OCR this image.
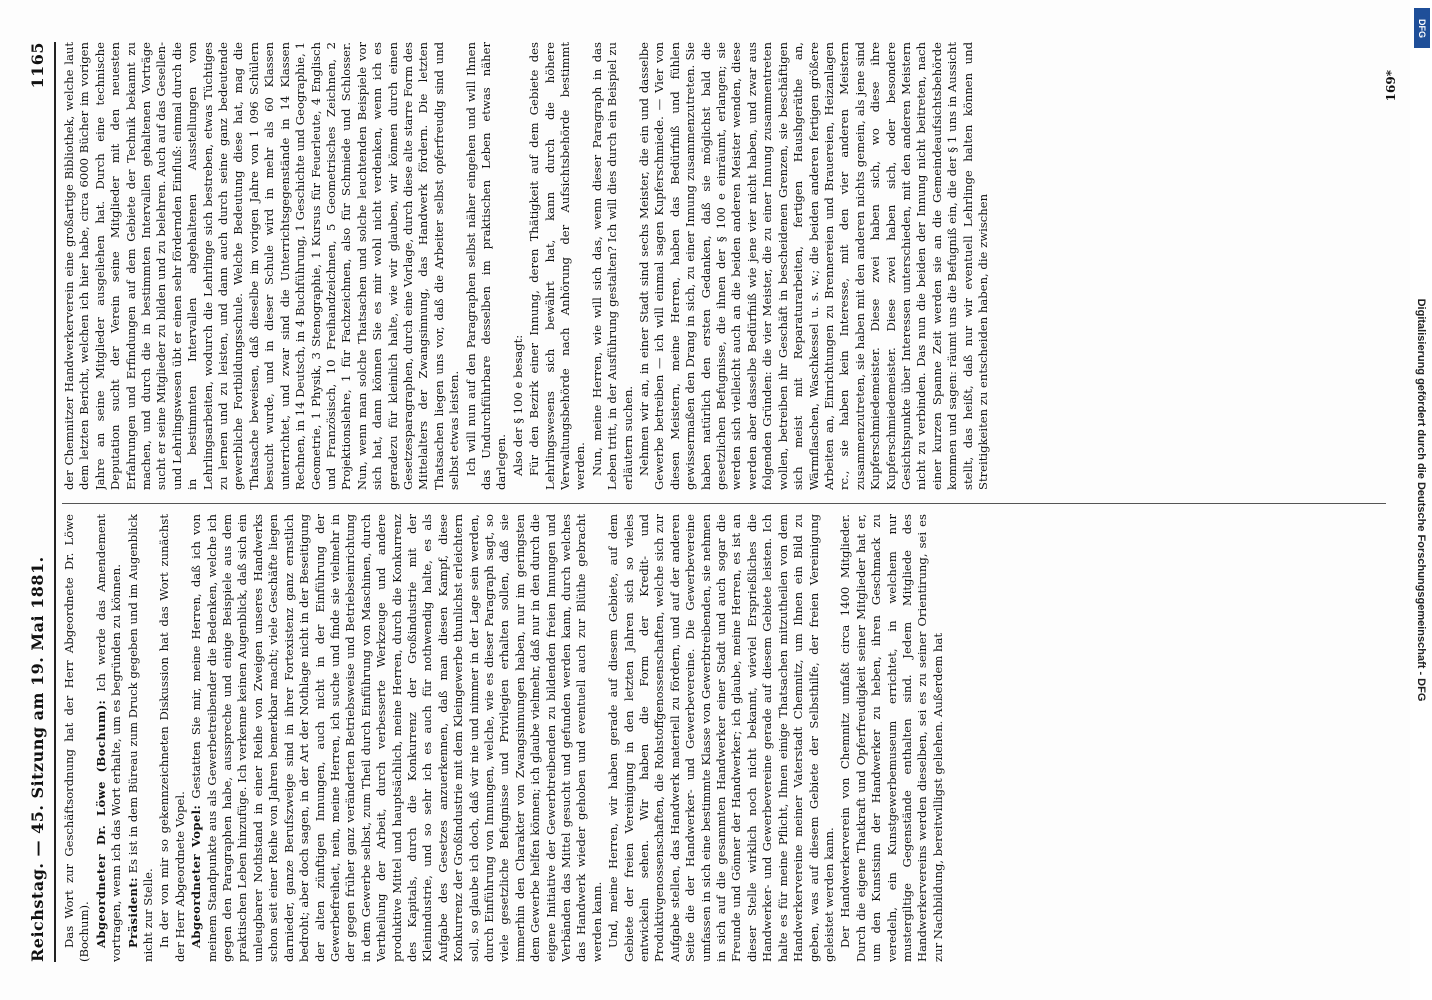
Reichstag. — 45. Sitzung am 19. Mai 1881.
1165

Das Wort zur Geschäftsordnung hat der Herr Abgeordnete Dr. Löwe (Bochum). Abgeordneter Dr. Löwe (Bochum): Ich werde das Amendement vortragen, wenn ich das Wort erhalte, um es begründen zu können. Präsident: Es ist in dem Büreau zum Druck gegeben und im Augenblick nicht zur Stelle. In der von mir so gekennzeichneten Diskussion hat das Wort zunächst der Herr Abgeordnete Vopel. Abgeordneter Vopel: Gestatten Sie mir, meine Herren, daß ich von meinem Standpunkte aus als Gewerbetreibender die Bedenken, welche ich gegen den Paragraphen habe, ausspreche und einige Beispiele aus dem praktischen Leben hinzufüge. Ich verkenne keinen Augenblick, daß sich ein unleugbarer Nothstand in einer Reihe von Zweigen unseres Handwerks schon seit einer Reihe von Jahren bemerkbar macht; viele Geschäfte liegen darnieder, ganze Berufszweige sind in ihrer Fortexistenz ganz ernstlich bedroht; aber doch sagen, in der Art der Nothlage nicht in der Beseitigung der alten zünftigen Innungen, auch nicht in der Einführung der Gewerbefreiheit, nein, meine Herren, ich suche und finde sie vielmehr in der gegen früher ganz veränderten Betriebsweise und Betriebseinrichtung in dem Gewerbe selbst, zum Theil durch Einführung von Maschinen, durch Vertheilung der Arbeit, durch verbesserte Werkzeuge und andere produktive Mittel und hauptsächlich, meine Herren, durch die Konkurrenz des Kapitals, durch die Konkurrenz der Großindustrie mit der Kleinindustrie, und so sehr ich es auch für nothwendig halte, es als Aufgabe des Gesetzes anzuerkennen, daß man diesen Kampf, diese Konkurrenz der Großindustrie mit dem Kleingewerbe thunlichst erleichtern soll, so glaube ich doch, daß wir nie und nimmer in der Lage sein werden, durch Einführung von Innungen, welche, wie es dieser Paragraph sagt, so viele gesetzliche Befugnisse und Privilegien erhalten sollen, daß sie immerhin den Charakter von Zwangsinnungen haben, nur im geringsten dem Gewerbe helfen können; ich glaube vielmehr, daß nur in den durch die eigene Initiative der Gewerbtreibenden zu bildenden freien Innungen und Verbänden das Mittel gesucht und gefunden werden kann, durch welches das Handwerk wieder gehoben und eventuell auch zur Blüthe gebracht werden kann. Und, meine Herren, wir haben gerade auf diesem Gebiete, auf dem Gebiete der freien Vereinigung in den letzten Jahren sich so vieles entwickeln sehen. Wir haben die Form der Kredit- und Produktivgenossenschaften, die Rohstoffgenossenschaften, welche sich zur Aufgabe stellen, das Handwerk materiell zu fördern, und auf der anderen Seite die der Handwerker- und Gewerbevereine. Die Gewerbevereine umfassen in sich eine bestimmte Klasse von Gewerbtreibenden, sie nehmen in sich auf die gesammten Handwerker einer Stadt und auch sogar die Freunde und Gönner der Handwerker; ich glaube, meine Herren, es ist an dieser Stelle wirklich noch nicht bekannt, wieviel Ersprießliches die Handwerker- und Gewerbevereine gerade auf diesem Gebiete leisten. Ich halte es für meine Pflicht, Ihnen einige Thatsachen mitzutheilen von dem Handwerkervereine meiner Vaterstadt Chemnitz, um Ihnen ein Bild zu geben, was auf diesem Gebiete der Selbsthilfe, der freien Vereinigung geleistet werden kann. Der Handwerkerverein von Chemnitz umfaßt circa 1400 Mitglieder. Durch die eigene Thatkraft und Opferfreudigkeit seiner Mitglieder hat er, um den Kunstsinn der Handwerker zu heben, ihren Geschmack zu veredeln, ein Kunstgewerbemuseum errichtet, in welchem nur mustergiltige Gegenstände enthalten sind. Jedem Mitgliede des Handwerkervereins werden dieselben, sei es zu seiner Orientirung, sei es zur Nachbildung, bereitwilligst geliehen. Außerdem hat

der Chemnitzer Handwerkerverein eine großartige Bibliothek, welche laut dem letzten Bericht, welchen ich hier habe, circa 6000 Bücher im vorigen Jahre an seine Mitglieder ausgeliehen hat. Durch eine technische Deputation sucht der Verein seine Mitglieder mit den neuesten Erfahrungen und Erfindungen auf dem Gebiete der Technik bekannt zu machen, und durch die in bestimmten Intervallen gehaltenen Vorträge sucht er seine Mitglieder zu bilden und zu belehren. Auch auf das Gesellen- und Lehrlingswesen übt er einen sehr fördernden Einfluß: einmal durch die in bestimmten Intervallen abgehaltenen Ausstellungen von Lehrlingsarbeiten, wodurch die Lehrlinge sich bestreben, etwas Tüchtiges zu lernen und zu leisten, und dann auch durch seine ganz bedeutende gewerbliche Fortbildungsschule. Welche Bedeutung diese hat, mag die Thatsache beweisen, daß dieselbe im vorigen Jahre von 1 096 Schülern besucht wurde, und in dieser Schule wird in mehr als 60 Klassen unterrichtet, und zwar sind die Unterrichtsgegenstände in 14 Klassen Rechnen, in 14 Deutsch, in 4 Buchführung, 1 Geschichte und Geographie, 1 Geometrie, 1 Physik, 3 Stenographie, 1 Kursus für Feuerleute, 4 Englisch und Französisch, 10 Freihandzeichnen, 5 Geometrisches Zeichnen, 2 Projektionslehre, 1 für Fachzeichnen, also für Schmiede und Schlosser. Nun, wenn man solche Thatsachen und solche leuchtenden Beispiele vor sich hat, dann können Sie es mir wohl nicht verdenken, wenn ich es geradezu für kleinlich halte, wie wir glauben, wir können durch einen Gesetzesparagraphen, durch eine Vorlage, durch diese alte starre Form des Mittelalters der Zwangsinnung, das Handwerk fördern. Die letzten Thatsachen liegen uns vor, daß die Arbeiter selbst opferfreudig sind und selbst etwas leisten. Ich will nun auf den Paragraphen selbst näher eingehen und will Ihnen das Undurchführbare desselben im praktischen Leben etwas näher darlegen. Also der § 100 e besagt: Für den Bezirk einer Innung, deren Thätigkeit auf dem Gebiete des Lehrlingswesens sich bewährt hat, kann durch die höhere Verwaltungsbehörde nach Anhörung der Aufsichtsbehörde bestimmt werden. Nun, meine Herren, wie will sich das, wenn dieser Paragraph in das Leben tritt, in der Ausführung gestalten? Ich will dies durch ein Beispiel zu erläutern suchen. Nehmen wir an, in einer Stadt sind sechs Meister, die ein und dasselbe Gewerbe betreiben — ich will einmal sagen Kupferschmiede. — Vier von diesen Meistern, meine Herren, haben das Bedürfniß und fühlen gewissermaßen den Drang in sich, zu einer Innung zusammenzutreten. Sie haben natürlich den ersten Gedanken, daß sie möglichst bald die gesetzlichen Befugnisse, die ihnen der § 100 e einräumt, erlangen; sie werden sich vielleicht auch an die beiden anderen Meister wenden, diese werden aber dasselbe Bedürfniß wie jene vier nicht haben, und zwar aus folgenden Gründen: die vier Meister, die zu einer Innung zusammentreten wollen, betreiben ihr Geschäft in bescheidenen Grenzen, sie beschäftigen sich meist mit Reparaturarbeiten, fertigen Haushgeräthe an, Wärmflaschen, Waschkessel u. s. w.; die beiden anderen fertigen größere Arbeiten an, Einrichtungen zu Brennereien und Brauereien, Heizanlagen rc., sie haben kein Interesse, mit den vier anderen Meistern zusammenzutreten, sie haben mit den anderen nichts gemein, als jene sind Kupferschmiedemeister. Diese zwei haben sich, wo diese ihre Kupferschmiedemeister. Diese zwei haben sich, oder besondere Gesichtspunkte über Interessen unterschieden, mit den anderen Meistern nicht zu verbinden. Das nun die beiden der Innung nicht beitreten, nach einer kurzen Spanne Zeit werden sie an die Gemeindeaufsichtsbehörde kommen und sagen: räumt uns die Befugniß ein, die der § 1 uns in Aussicht stellt, das heißt, daß nur wir eventuell Lehrlinge halten können und Streitigkeiten zu entscheiden haben, die zwischen

169*
Digitalisierung gefördert durch die Deutsche Forschungsgemeinschaft - DFG
DFG
